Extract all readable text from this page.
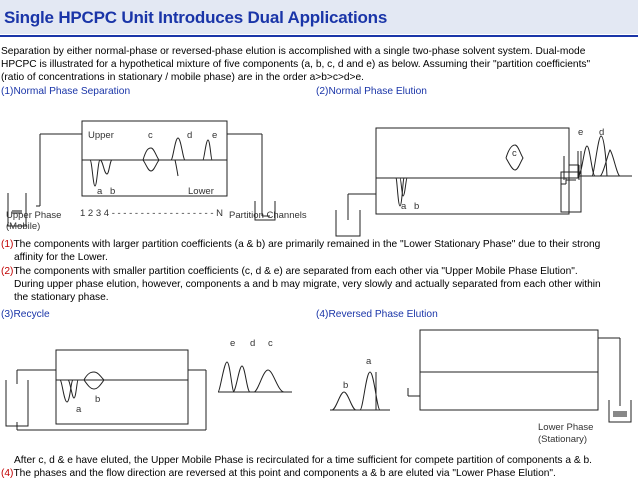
Single HPCPC Unit Introduces Dual Applications
Separation by either normal-phase or reversed-phase elution is accomplished with a single two-phase solvent system. Dual-mode
HPCPC is illustrated for a hypothetical mixture of five components (a, b, c, d and e) as below. Assuming their "partition coefficients"
(ratio of concentrations in stationary / mobile phase) are in the order a>b>c>d>e.
(1)Normal Phase Separation	(2)Normal Phase Elution
Upper	c	d e
a b	Lower
Upper Phase
(Mobile)
1 2 3 4 - - - - - - - - - - - - - - - - - - N Partition Channels
e d
c
a b
(1)The components with larger partition coefficients (a & b) are primarily remained in the "Lower Stationary Phase" due to their strong
affinity for the Lower.
(2)The components with smaller partition coefficients (c, d & e) are separated from each other via "Upper Mobile Phase Elution".
During upper phase elution, however, components a and b may migrate, very slowly and actually separated from each other within
the stationary phase.
(3)Recycle	(4)Reversed Phase Elution
e d c
a
b
a
b
Lower Phase
(Stationary)
After c, d & e have eluted, the Upper Mobile Phase is recirculated for a time sufficient for compete partition of components a & b.
(4)The phases and the flow direction are reversed at this point and components a & b are eluted via "Lower Phase Elution".
